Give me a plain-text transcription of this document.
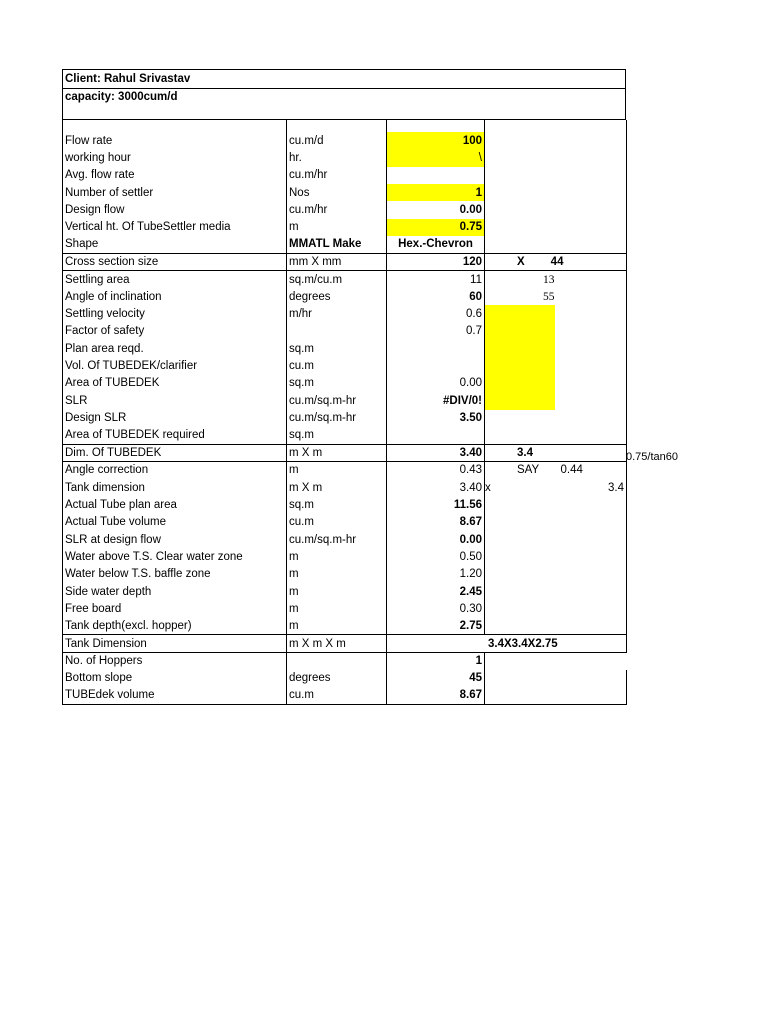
Client: Rahul Srivastav
capacity: 3000cum/d

Flow rate	cu.m/d	100		
working hour	hr.	\		
Avg. flow rate	cu.m/hr			
Number of settler	Nos	1		
Design flow	cu.m/hr	0.00		
Vertical ht. Of TubeSettler media	m	0.75		
Shape	MMATL Make	Hex.-Chevron		
Cross section size	mm X mm	120	X 44	
Settling area	sq.m/cu.m	11	13	
Angle of inclination	degrees	60	55	
Settling velocity	m/hr	0.6		
Factor of safety		0.7		
Plan area reqd.	sq.m			
Vol. Of TUBEDEK/clarifier	cu.m			
Area of TUBEDEK	sq.m	0.00		
SLR	cu.m/sq.m-hr	#DIV/0!		
Design SLR	cu.m/sq.m-hr	3.50		
Area of TUBEDEK required	sq.m			
Dim. Of TUBEDEK	m X m	3.40	3.4	
Angle correction	m	0.43	SAY	0.44
Tank dimension	m X m	3.40	x	3.4
Actual Tube plan area	sq.m	11.56		
Actual Tube volume	cu.m	8.67		
SLR at design flow	cu.m/sq.m-hr	0.00		
Water above T.S. Clear water zone	m	0.50		
Water below T.S. baffle zone	m	1.20		
Side water depth	m	2.45		
Free board	m	0.30		
Tank depth(excl. hopper)	m	2.75		
Tank Dimension	m X m X m	3.4X3.4X2.75		
No. of Hoppers		1		
Bottom slope	degrees	45		
TUBEdek volume	cu.m	8.67		
0.75/tan60
